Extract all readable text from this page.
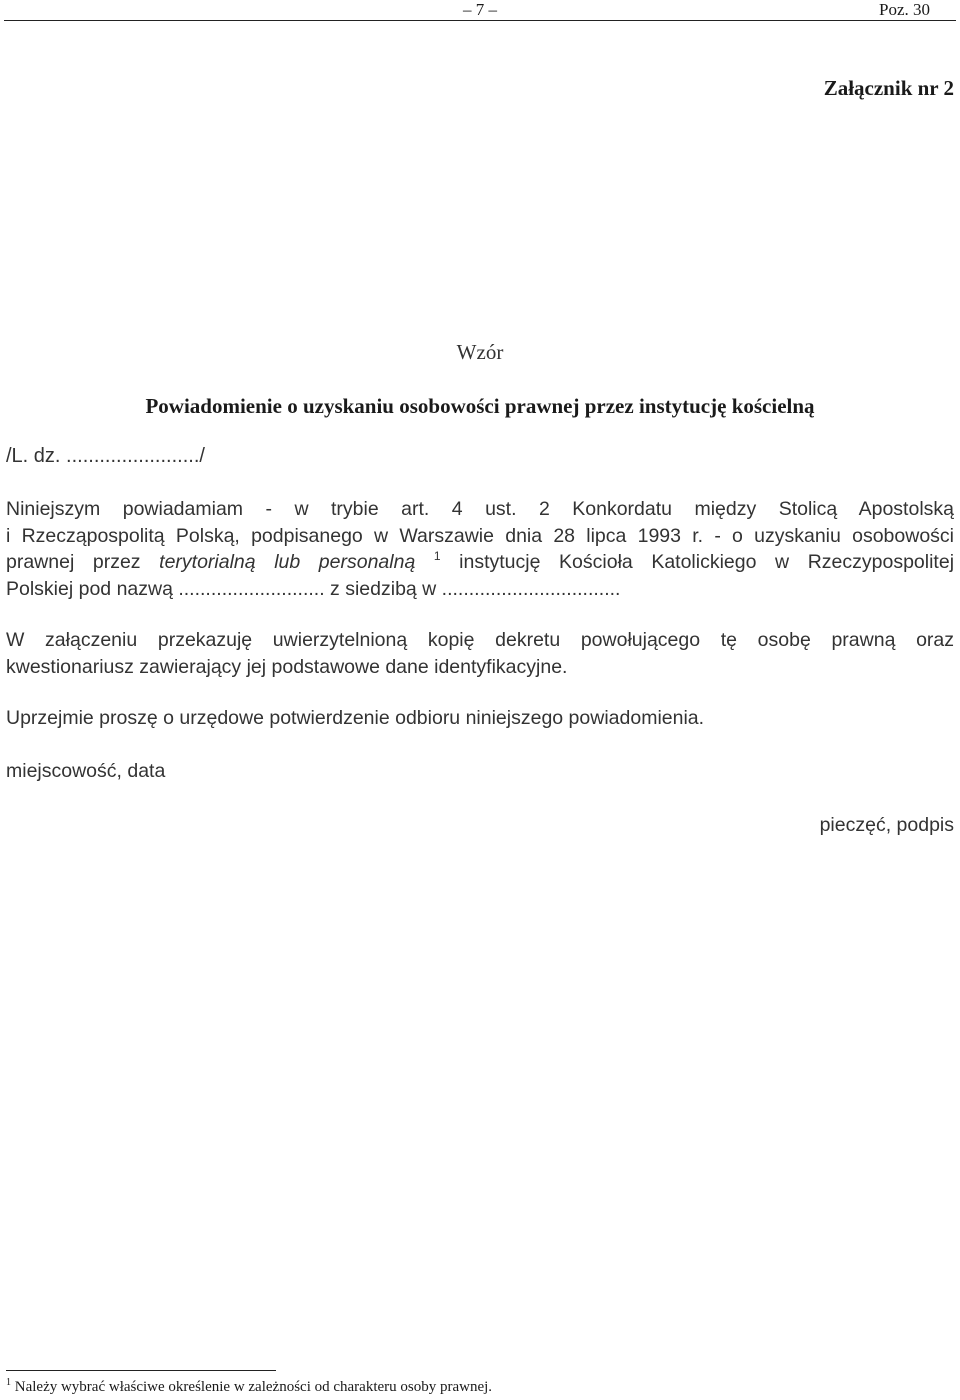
– 7 –	Poz. 30
Załącznik nr 2
Wzór
Powiadomienie o uzyskaniu osobowości prawnej przez instytucję kościelną
/L. dz. ......................../
Niniejszym powiadamiam - w trybie art. 4 ust. 2 Konkordatu między Stolicą Apostolską
i Rzecząpospolitą Polską, podpisanego w Warszawie dnia 28 lipca 1993 r. - o uzyskaniu osobowości
prawnej przez terytorialną lub personalną $^1$ instytucję Kościoła Katolickiego w Rzeczypospolitej
Polskiej pod nazwą ........................... z siedzibą w .................................
W załączeniu przekazuję uwierzytelnioną kopię dekretu powołującego tę osobę prawną oraz
kwestionariusz zawierający jej podstawowe dane identyfikacyjne.
Uprzejmie proszę o urzędowe potwierdzenie odbioru niniejszego powiadomienia.
miejscowość, data
pieczęć, podpis
$^1$ Należy wybrać właściwe określenie w zależności od charakteru osoby prawnej.
